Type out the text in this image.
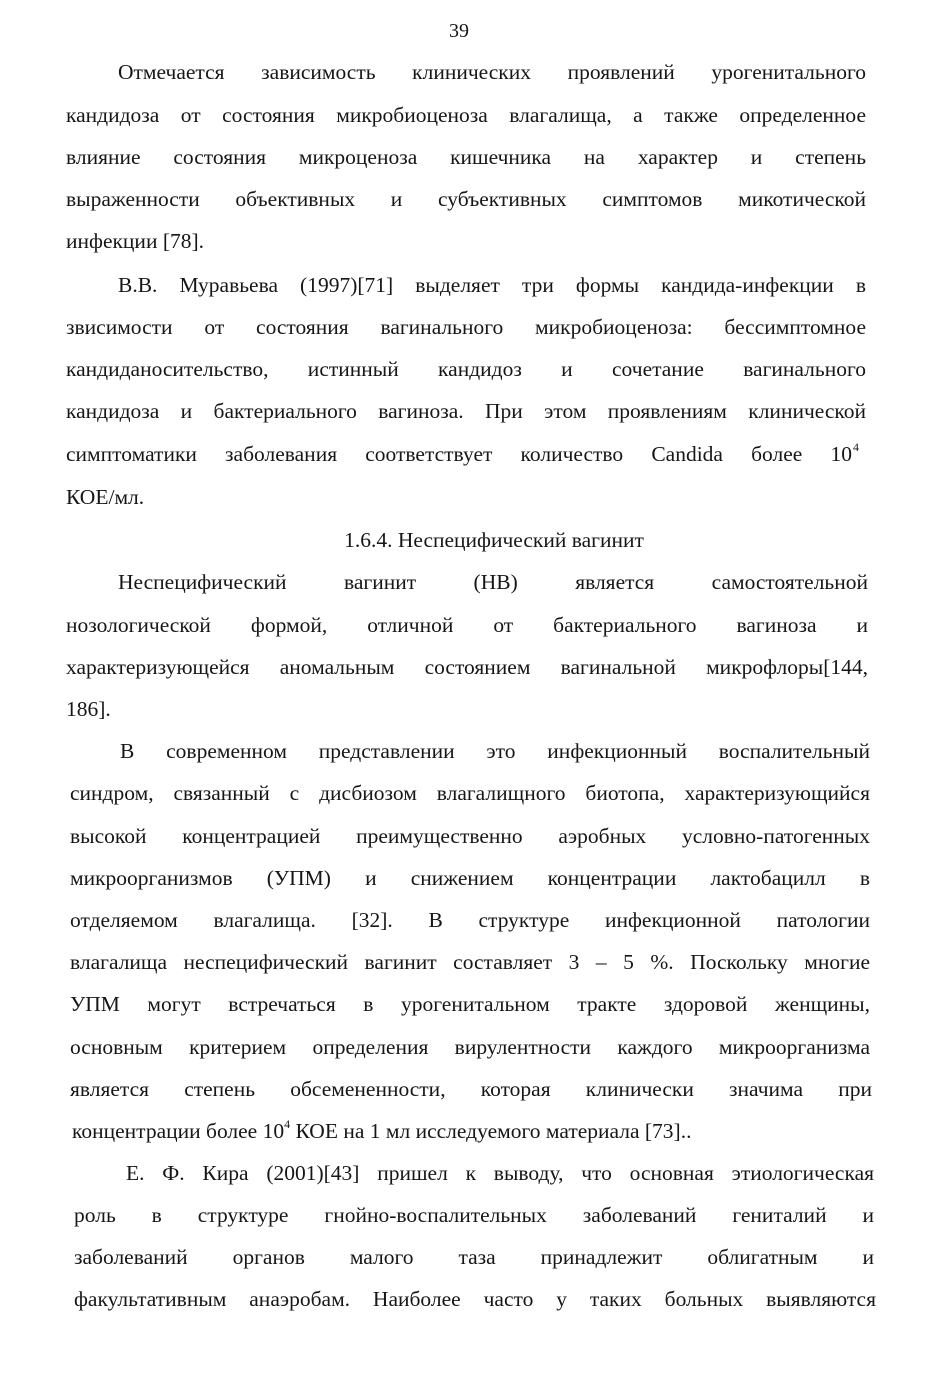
39
Отмечается зависимость клинических проявлений урогенитального
кандидоза от состояния микробиоценоза влагалища, а также определенное
влияние состояния микроценоза кишечника на характер и степень
выраженности объективных и субъективных симптомов микотической
инфекции [78].
В.В. Муравьева (1997)[71] выделяет три формы кандида-инфекции в
звисимости от состояния вагинального микробиоценоза: бессимптомное
кандиданосительство, истинный кандидоз и сочетание вагинального
кандидоза и бактериального вагиноза. При этом проявлениям клинической
симптоматики заболевания соответствует количество Candida более 10 $^4$
КОЕ/мл.
1.6.4. Неспецифический вагинит
Неспецифический вагинит (НВ) является самостоятельной
нозологической формой, отличной от бактериального вагиноза и
характеризующейся аномальным состоянием вагинальной микрофлоры[144,
186].
В современном представлении это инфекционный воспалительный
синдром, связанный с дисбиозом влагалищного биотопа, характеризующийся
высокой концентрацией преимущественно аэробных условно-патогенных
микроорганизмов (УПМ) и снижением концентрации лактобацилл в
отделяемом влагалища. [32]. В структуре инфекционной патологии
влагалища неспецифический вагинит составляет 3 – 5 %. Поскольку многие
УПМ могут встречаться в урогенитальном тракте здоровой женщины,
основным критерием определения вирулентности каждого микроорганизма
является степень обсемененности, которая клинически значима при
концентрации более $10^4$ КОЕ на 1 мл исследуемого материала [73]..
Е. Ф. Кира (2001)[43] пришел к выводу, что основная этиологическая
роль в структуре гнойно-воспалительных заболеваний гениталий и
заболеваний органов малого таза принадлежит облигатным и
факультативным анаэробам. Наиболее часто у таких больных выявляются
